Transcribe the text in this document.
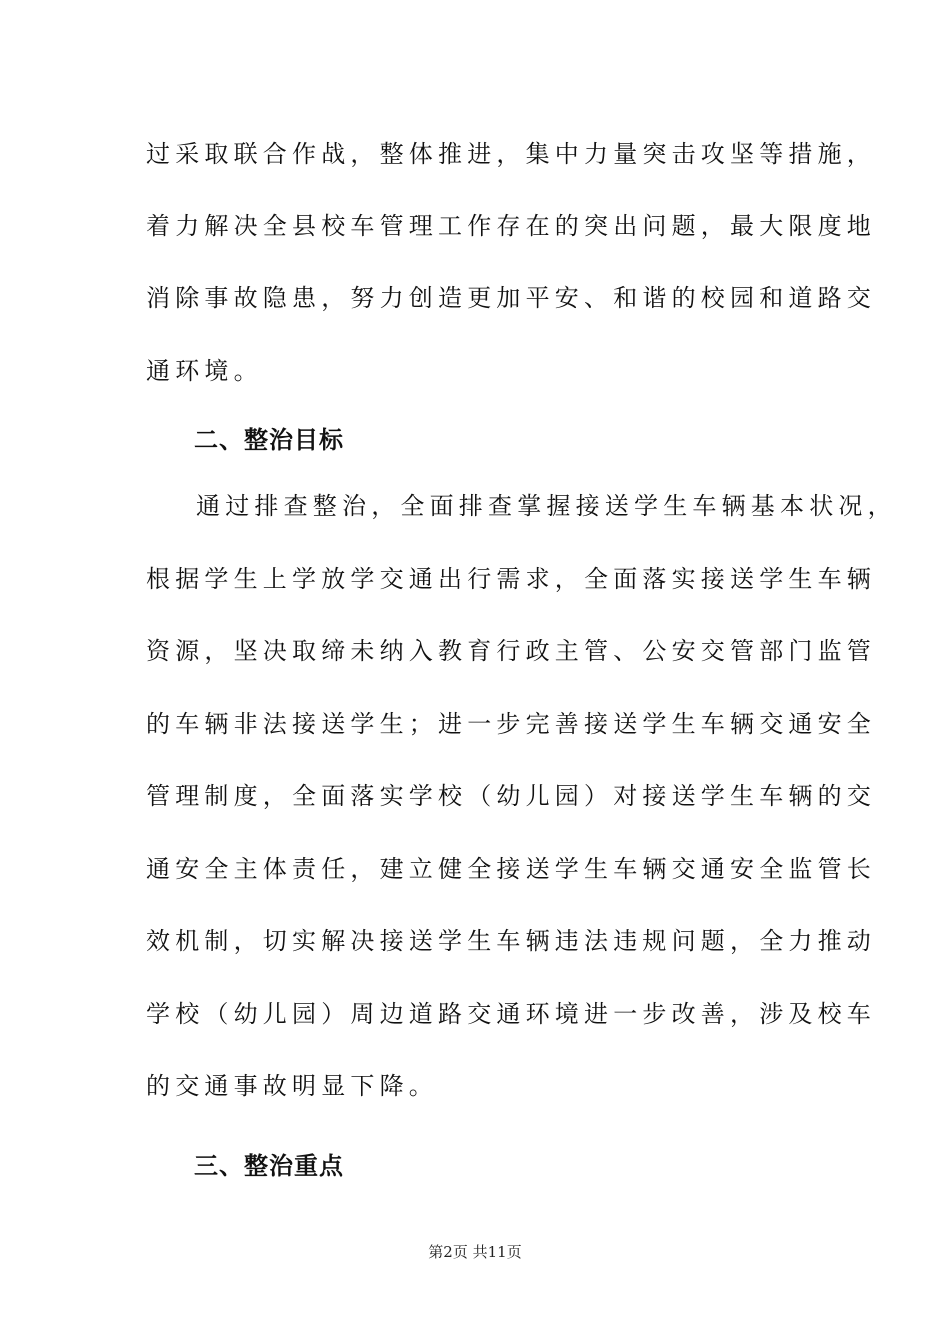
过采取联合作战，整体推进，集中力量突击攻坚等措施，
着力解决全县校车管理工作存在的突出问题，最大限度地
消除事故隐患，努力创造更加平安、和谐的校园和道路交
通环境。
二、整治目标
通过排查整治，全面排查掌握接送学生车辆基本状况，
根据学生上学放学交通出行需求，全面落实接送学生车辆
资源，坚决取缔未纳入教育行政主管、公安交管部门监管
的车辆非法接送学生；进一步完善接送学生车辆交通安全
管理制度，全面落实学校（幼儿园）对接送学生车辆的交
通安全主体责任，建立健全接送学生车辆交通安全监管长
效机制，切实解决接送学生车辆违法违规问题，全力推动
学校（幼儿园）周边道路交通环境进一步改善，涉及校车
的交通事故明显下降。
三、整治重点
第2页 共11页
